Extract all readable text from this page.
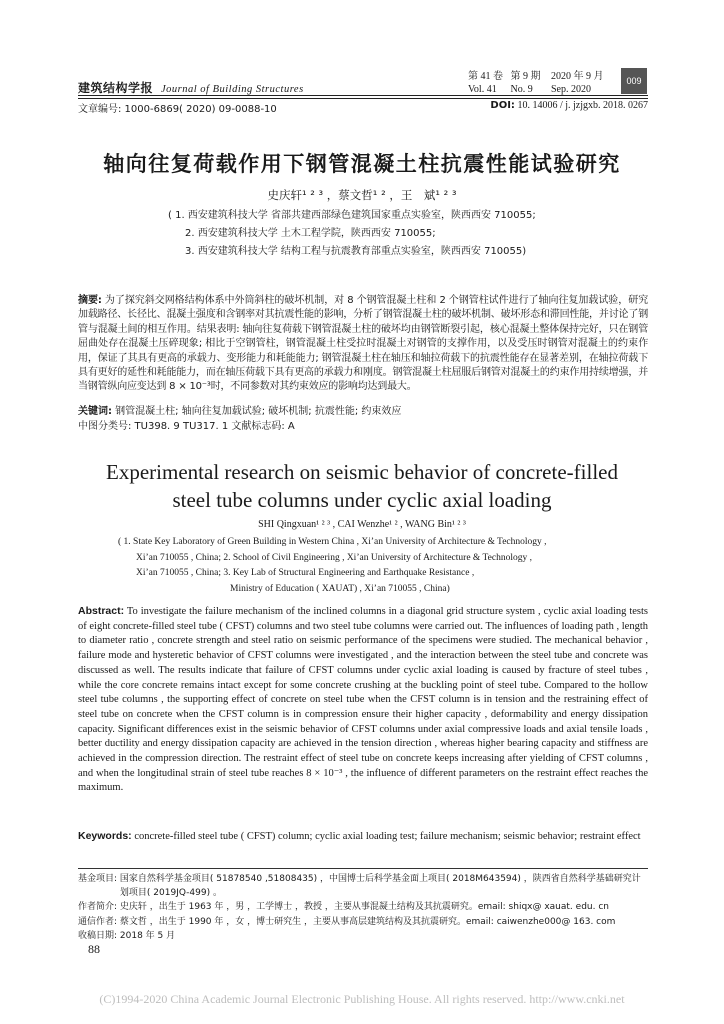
建筑结构学报 Journal of Building Structures
第 41 卷 第 9 期 2020 年 9 月
Vol. 41 No. 9 Sep. 2020
009
文章编号: 1000-6869( 2020) 09-0088-10	DOI: 10. 14006 / j. jzjgxb. 2018. 0267
轴向往复荷载作用下钢管混凝土柱抗震性能试验研究
史庆轩¹ ² ³ ，蔡文哲¹ ² ，王　斌¹ ² ³
( 1. 西安建筑科技大学 省部共建西部绿色建筑国家重点实验室，陕西西安 710055;
2. 西安建筑科技大学 土木工程学院，陕西西安 710055;
3. 西安建筑科技大学 结构工程与抗震教育部重点实验室，陕西西安 710055)
摘要: 为了探究斜交网格结构体系中外筒斜柱的破坏机制，对 8 个钢管混凝土柱和 2 个钢管柱试件进行了轴向往复加载试验，研究加载路径、长径比、混凝土强度和含钢率对其抗震性能的影响，分析了钢管混凝土柱的破坏机制、破坏形态和滞回性能，并讨论了钢管与混凝土间的相互作用。结果表明: 轴向往复荷载下钢管混凝土柱的破坏均由钢管断裂引起，核心混凝土整体保持完好，只在钢管屈曲处存在混凝土压碎现象; 相比于空钢管柱，钢管混凝土柱受拉时混凝土对钢管的支撑作用，以及受压时钢管对混凝土的约束作用，保证了其具有更高的承载力、变形能力和耗能能力; 钢管混凝土柱在轴压和轴拉荷载下的抗震性能存在显著差别，在轴拉荷载下具有更好的延性和耗能能力，而在轴压荷载下具有更高的承载力和刚度。钢管混凝土柱屈服后钢管对混凝土的约束作用持续增强，并当钢管纵向应变达到 8 × 10⁻³时，不同参数对其约束效应的影响均达到最大。
关键词: 钢管混凝土柱; 轴向往复加载试验; 破坏机制; 抗震性能; 约束效应
中图分类号: TU398. 9 TU317. 1 文献标志码: A
Experimental research on seismic behavior of concrete-filled
steel tube columns under cyclic axial loading
SHI Qingxuan¹ ² ³ , CAI Wenzhe¹ ² , WANG Bin¹ ² ³
( 1. State Key Laboratory of Green Building in Western China , Xi’an University of Architecture & Technology ,
Xi’an 710055 , China; 2. School of Civil Engineering , Xi’an University of Architecture & Technology ,
Xi’an 710055 , China; 3. Key Lab of Structural Engineering and Earthquake Resistance ,
Ministry of Education ( XAUAT) , Xi’an 710055 , China)
Abstract: To investigate the failure mechanism of the inclined columns in a diagonal grid structure system , cyclic axial loading tests of eight concrete-filled steel tube ( CFST) columns and two steel tube columns were carried out. The influences of loading path , length to diameter ratio , concrete strength and steel ratio on seismic performance of the specimens were studied. The mechanical behavior , failure mode and hysteretic behavior of CFST columns were investigated , and the interaction between the steel tube and concrete was discussed as well. The results indicate that failure of CFST columns under cyclic axial loading is caused by fracture of steel tubes , while the core concrete remains intact except for some concrete crushing at the buckling point of steel tube. Compared to the hollow steel tube columns , the supporting effect of concrete on steel tube when the CFST column is in tension and the restraining effect of steel tube on concrete when the CFST column is in compression ensure their higher capacity , deformability and energy dissipation capacity. Significant differences exist in the seismic behavior of CFST columns under axial compressive loads and axial tensile loads , better ductility and energy dissipation capacity are achieved in the tension direction , whereas higher bearing capacity and stiffness are achieved in the compression direction. The restraint effect of steel tube on concrete keeps increasing after yielding of CFST columns , and when the longitudinal strain of steel tube reaches 8 × 10⁻³ , the influence of different parameters on the restraint effect reaches the maximum.
Keywords: concrete-filled steel tube ( CFST) column; cyclic axial loading test; failure mechanism; seismic behavior; restraint effect
基金项目: 国家自然科学基金项目( 51878540 ,51808435) ，中国博士后科学基金面上项目( 2018M643594) ，陕西省自然科学基础研究计划项目( 2019JQ-499) 。
作者简介: 史庆轩 ，出生于 1963 年 ，男 ，工学博士 ，教授 ，主要从事混凝土结构及其抗震研究。email: shiqx@ xauat. edu. cn
通信作者: 蔡文哲 ，出生于 1990 年 ，女 ，博士研究生 ，主要从事高层建筑结构及其抗震研究。email: caiwenzhe000@ 163. com
收稿日期: 2018 年 5 月
88
(C)1994-2020 China Academic Journal Electronic Publishing House. All rights reserved. http://www.cnki.net
